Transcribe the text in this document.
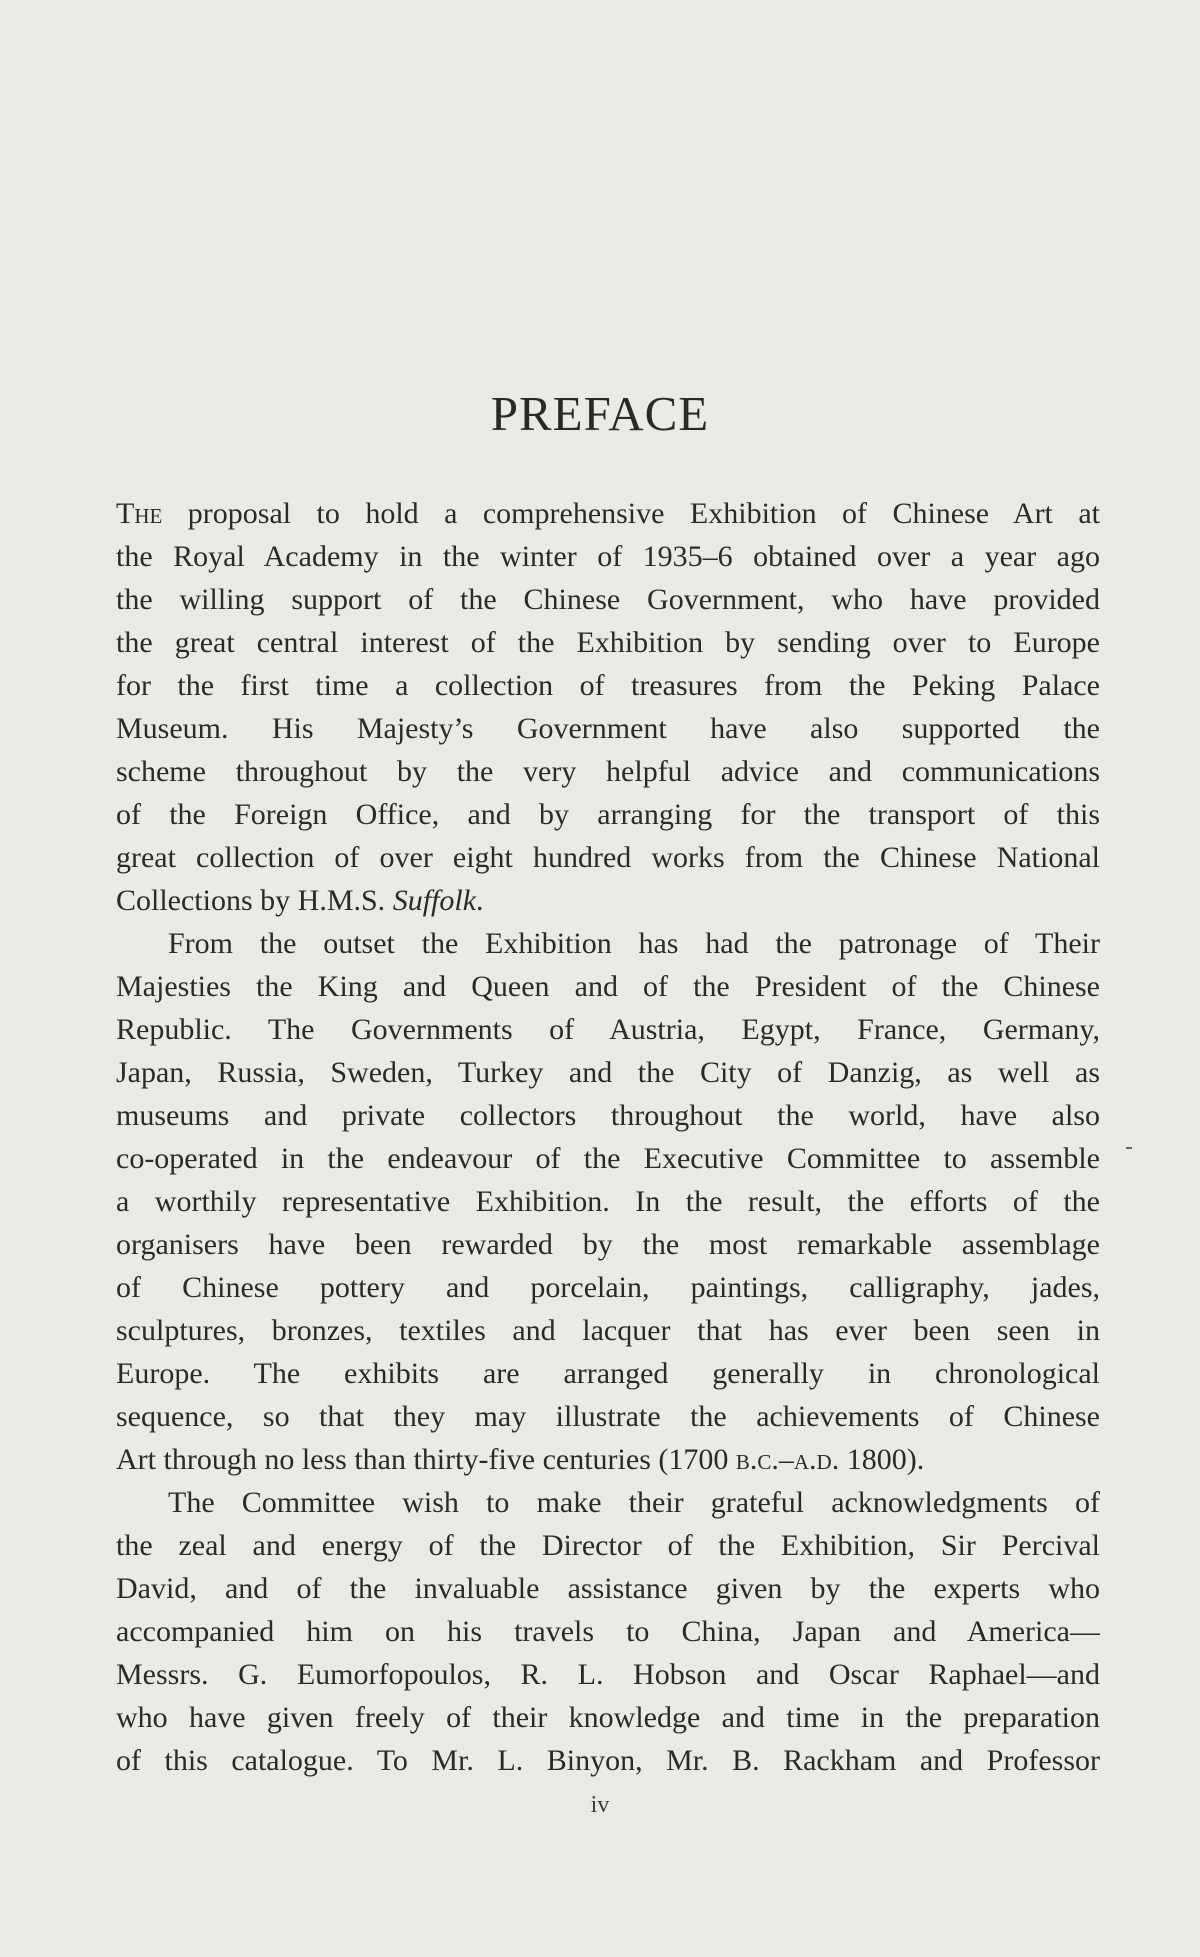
PREFACE
The proposal to hold a comprehensive Exhibition of Chinese Art at
the Royal Academy in the winter of 1935–6 obtained over a year ago
the willing support of the Chinese Government, who have provided
the great central interest of the Exhibition by sending over to Europe
for the first time a collection of treasures from the Peking Palace
Museum. His Majesty’s Government have also supported the
scheme throughout by the very helpful advice and communications
of the Foreign Office, and by arranging for the transport of this
great collection of over eight hundred works from the Chinese National
Collections by H.M.S. Suffolk.
From the outset the Exhibition has had the patronage of Their
Majesties the King and Queen and of the President of the Chinese
Republic. The Governments of Austria, Egypt, France, Germany,
Japan, Russia, Sweden, Turkey and the City of Danzig, as well as
museums and private collectors throughout the world, have also
co-operated in the endeavour of the Executive Committee to assemble
a worthily representative Exhibition. In the result, the efforts of the
organisers have been rewarded by the most remarkable assemblage
of Chinese pottery and porcelain, paintings, calligraphy, jades,
sculptures, bronzes, textiles and lacquer that has ever been seen in
Europe. The exhibits are arranged generally in chronological
sequence, so that they may illustrate the achievements of Chinese
Art through no less than thirty-five centuries (1700 b.c.–a.d. 1800).
The Committee wish to make their grateful acknowledgments of
the zeal and energy of the Director of the Exhibition, Sir Percival
David, and of the invaluable assistance given by the experts who
accompanied him on his travels to China, Japan and America—
Messrs. G. Eumorfopoulos, R. L. Hobson and Oscar Raphael—and
who have given freely of their knowledge and time in the preparation
of this catalogue. To Mr. L. Binyon, Mr. B. Rackham and Professor
iv
